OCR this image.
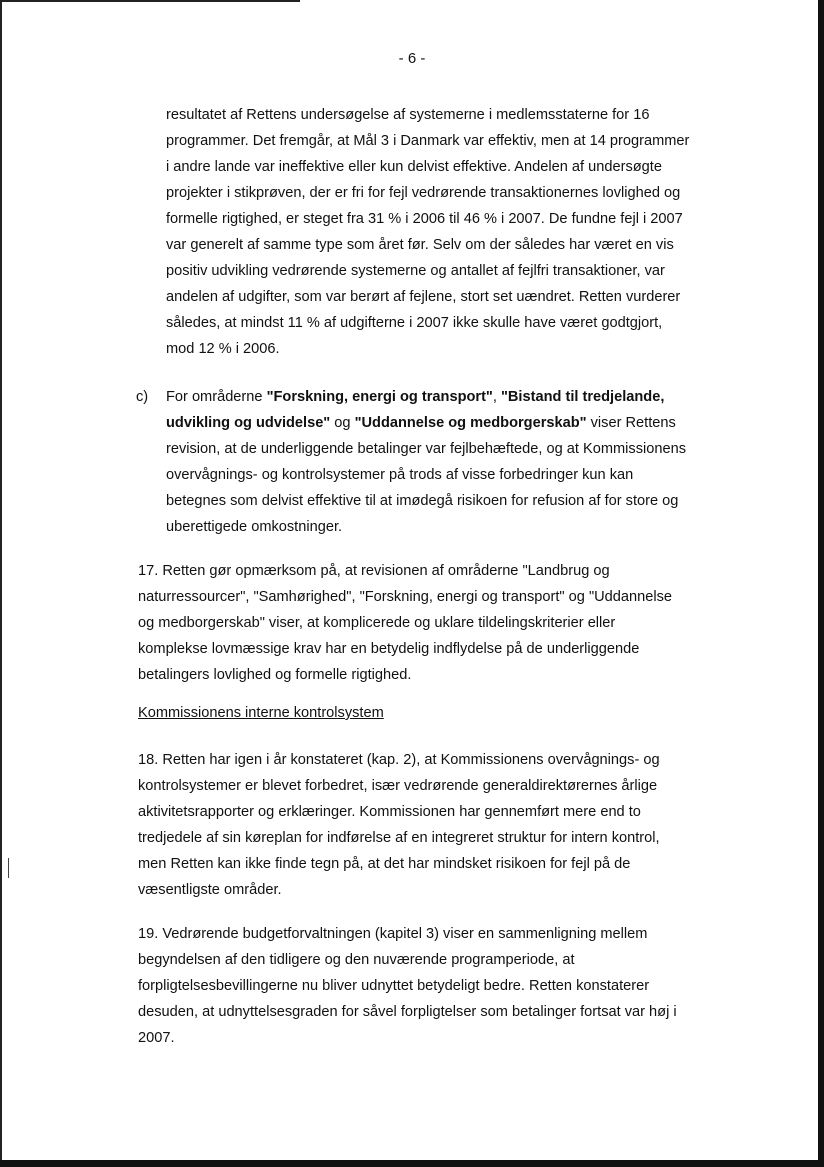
- 6 -

resultatet af Rettens undersøgelse af systemerne i medlemsstaterne for 16
programmer. Det fremgår, at Mål 3 i Danmark var effektiv, men at 14 programmer
i andre lande var ineffektive eller kun delvist effektive. Andelen af undersøgte
projekter i stikprøven, der er fri for fejl vedrørende transaktionernes lovlighed og
formelle rigtighed, er steget fra 31 % i 2006 til 46 % i 2007. De fundne fejl i 2007
var generelt af samme type som året før. Selv om der således har været en vis
positiv udvikling vedrørende systemerne og antallet af fejlfri transaktioner, var
andelen af udgifter, som var berørt af fejlene, stort set uændret. Retten vurderer
således, at mindst 11 % af udgifterne i 2007 ikke skulle have været godtgjort,
mod 12 % i 2006.

c) For områderne "Forskning, energi og transport", "Bistand til tredjelande,
udvikling og udvidelse" og "Uddannelse og medborgerskab" viser Rettens
revision, at de underliggende betalinger var fejlbehæftede, og at Kommissionens
overvågnings- og kontrolsystemer på trods af visse forbedringer kun kan
betegnes som delvist effektive til at imødegå risikoen for refusion af for store og
uberettigede omkostninger.

17. Retten gør opmærksom på, at revisionen af områderne "Landbrug og
naturressourcer", "Samhørighed", "Forskning, energi og transport" og "Uddannelse
og medborgerskab" viser, at komplicerede og uklare tildelingskriterier eller
komplekse lovmæssige krav har en betydelig indflydelse på de underliggende
betalingers lovlighed og formelle rigtighed.

Kommissionens interne kontrolsystem

18. Retten har igen i år konstateret (kap. 2), at Kommissionens overvågnings- og
kontrolsystemer er blevet forbedret, især vedrørende generaldirektørernes årlige
aktivitetsrapporter og erklæringer. Kommissionen har gennemført mere end to
tredjedele af sin køreplan for indførelse af en integreret struktur for intern kontrol,
men Retten kan ikke finde tegn på, at det har mindsket risikoen for fejl på de
væsentligste områder.

19. Vedrørende budgetforvaltningen (kapitel 3) viser en sammenligning mellem
begyndelsen af den tidligere og den nuværende programperiode, at
forpligtelsesbevillingerne nu bliver udnyttet betydeligt bedre. Retten konstaterer
desuden, at udnyttelsesgraden for såvel forpligtelser som betalinger fortsat var høj i
2007.
